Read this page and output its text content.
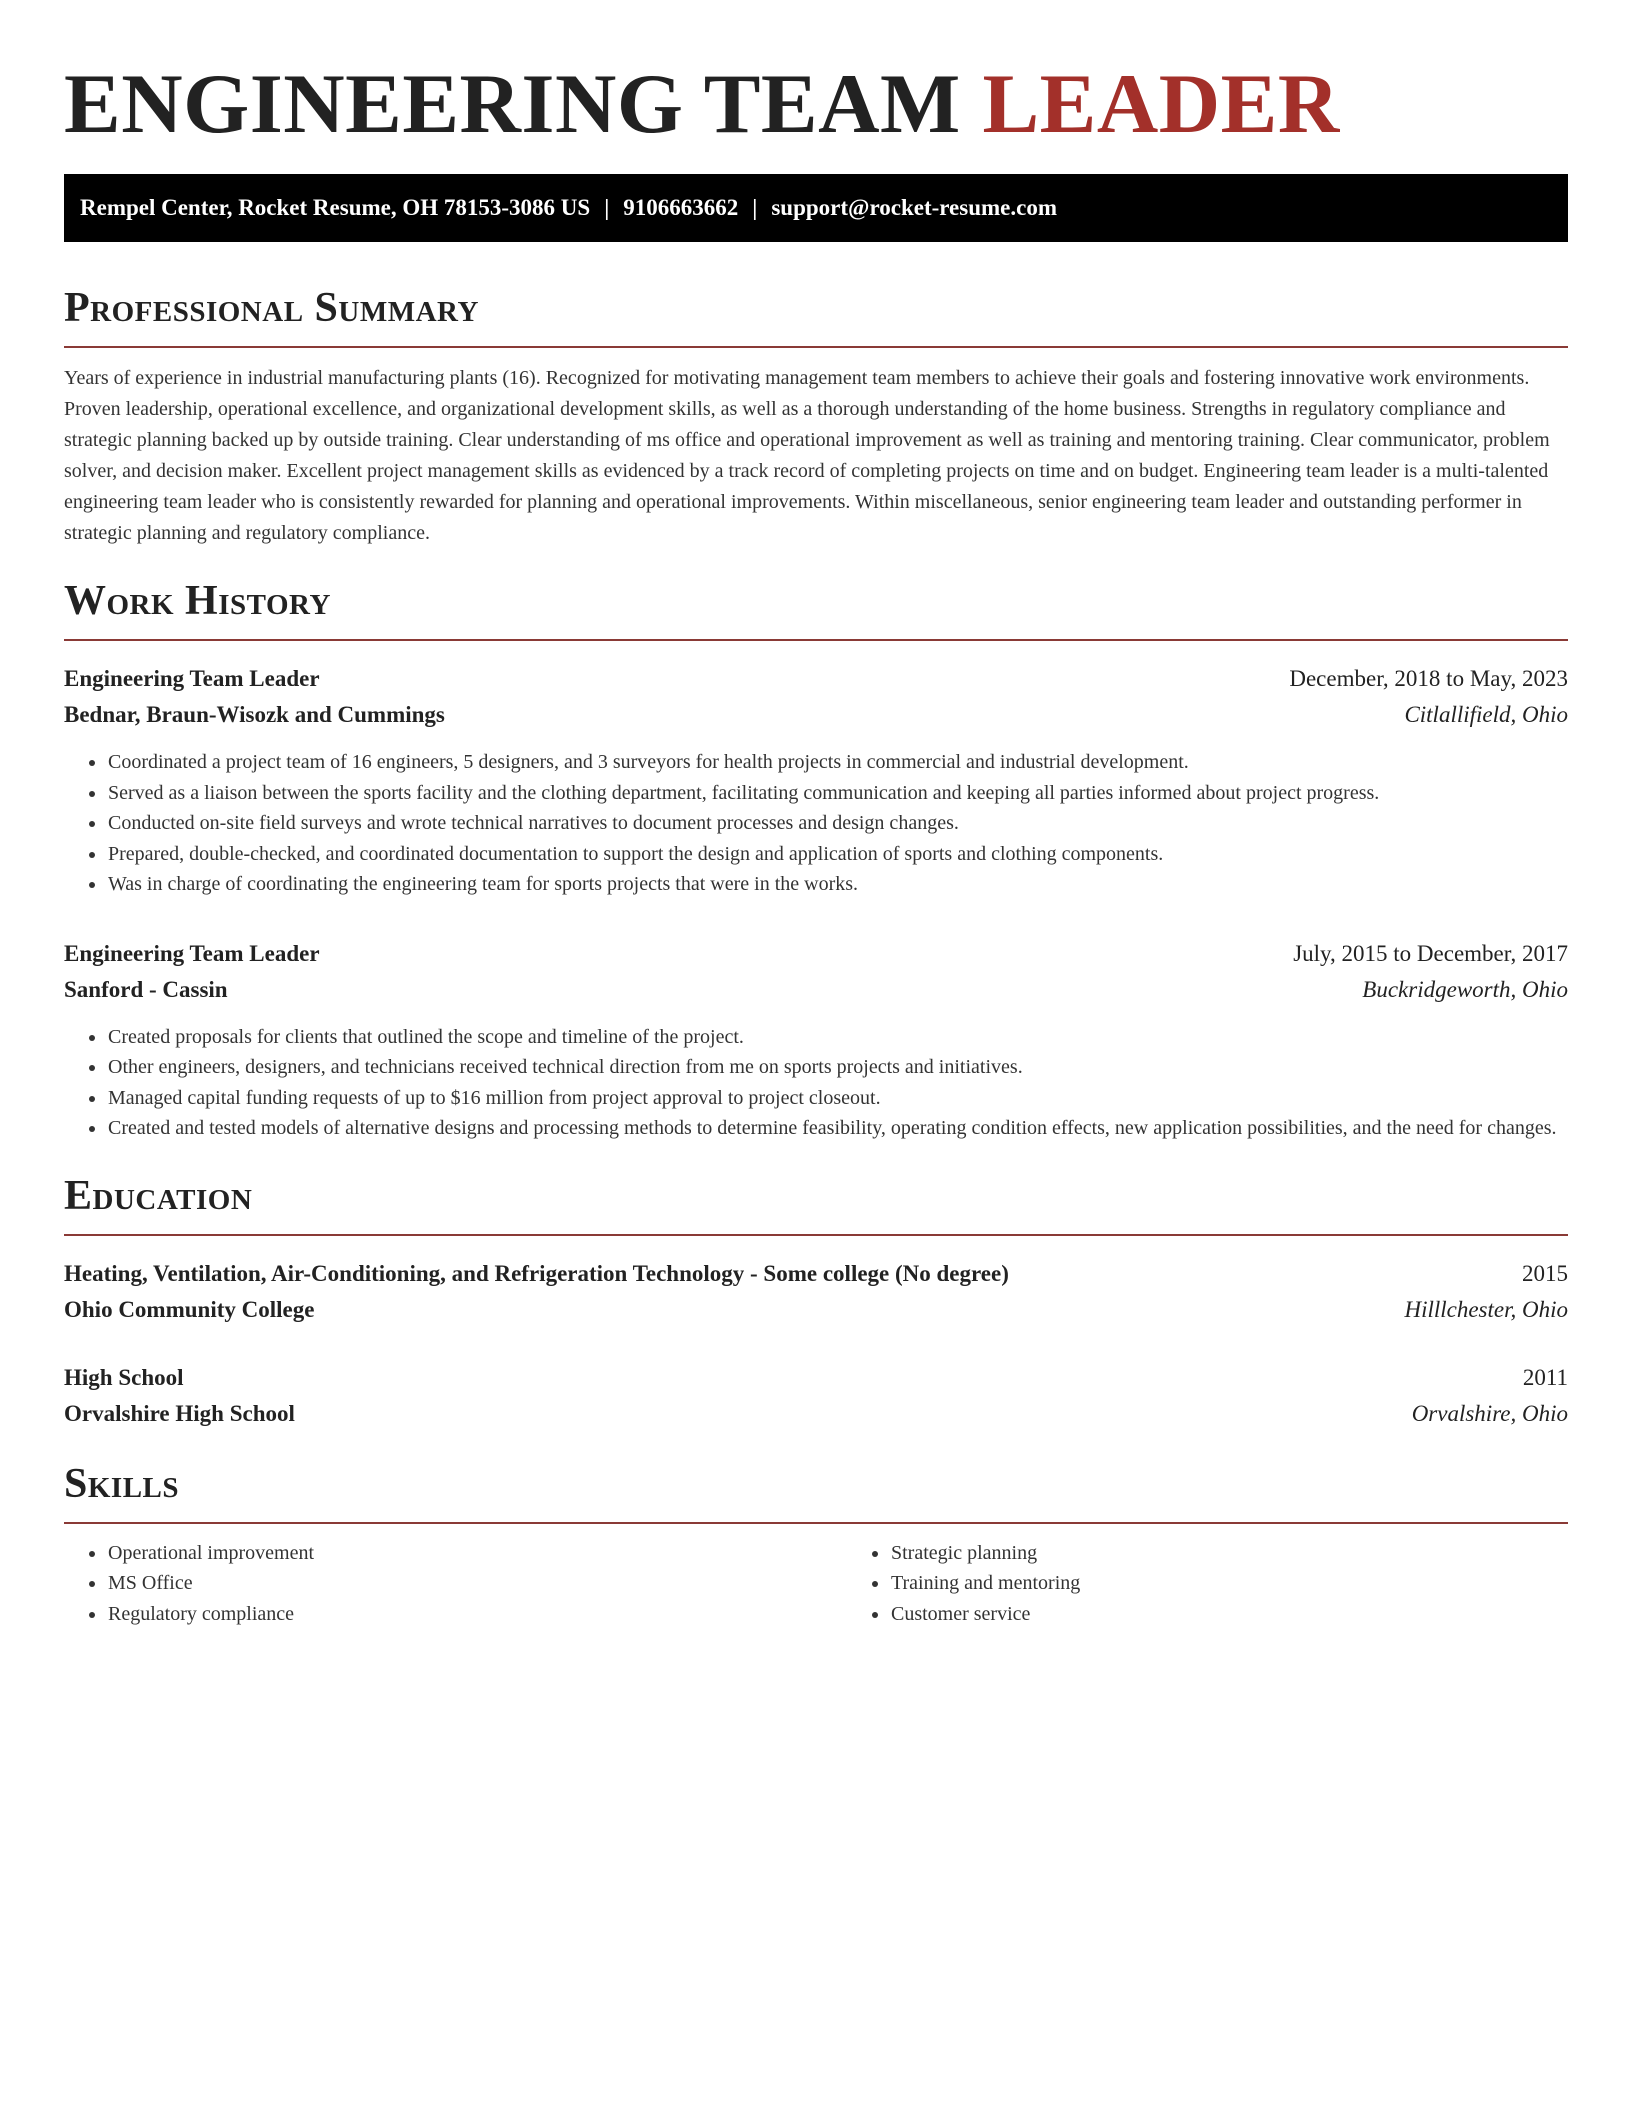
ENGINEERING TEAM LEADER
Rempel Center, Rocket Resume, OH 78153-3086 US | 9106663662 | support@rocket-resume.com
Professional Summary

Years of experience in industrial manufacturing plants (16). Recognized for motivating management team members to achieve their goals and fostering innovative work environments. Proven leadership, operational excellence, and organizational development skills, as well as a thorough understanding of the home business. Strengths in regulatory compliance and strategic planning backed up by outside training. Clear understanding of ms office and operational improvement as well as training and mentoring training. Clear communicator, problem solver, and decision maker. Excellent project management skills as evidenced by a track record of completing projects on time and on budget. Engineering team leader is a multi-talented engineering team leader who is consistently rewarded for planning and operational improvements. Within miscellaneous, senior engineering team leader and outstanding performer in strategic planning and regulatory compliance.

Work History
Engineering Team Leader	December, 2018 to May, 2023
Bednar, Braun-Wisozk and Cummings	Citlallifield, Ohio
• Coordinated a project team of 16 engineers, 5 designers, and 3 surveyors for health projects in commercial and industrial development.
• Served as a liaison between the sports facility and the clothing department, facilitating communication and keeping all parties informed about project progress.
• Conducted on-site field surveys and wrote technical narratives to document processes and design changes.
• Prepared, double-checked, and coordinated documentation to support the design and application of sports and clothing components.
• Was in charge of coordinating the engineering team for sports projects that were in the works.
Engineering Team Leader	July, 2015 to December, 2017
Sanford - Cassin	Buckridgeworth, Ohio
• Created proposals for clients that outlined the scope and timeline of the project.
• Other engineers, designers, and technicians received technical direction from me on sports projects and initiatives.
• Managed capital funding requests of up to $16 million from project approval to project closeout.
• Created and tested models of alternative designs and processing methods to determine feasibility, operating condition effects, new application possibilities, and the need for changes.
Education
Heating, Ventilation, Air-Conditioning, and Refrigeration Technology - Some college (No degree)	2015
Ohio Community College	Hilllchester, Ohio
High School	2011
Orvalshire High School	Orvalshire, Ohio
Skills
• Operational improvement
• MS Office
• Regulatory compliance
• Strategic planning
• Training and mentoring
• Customer service
